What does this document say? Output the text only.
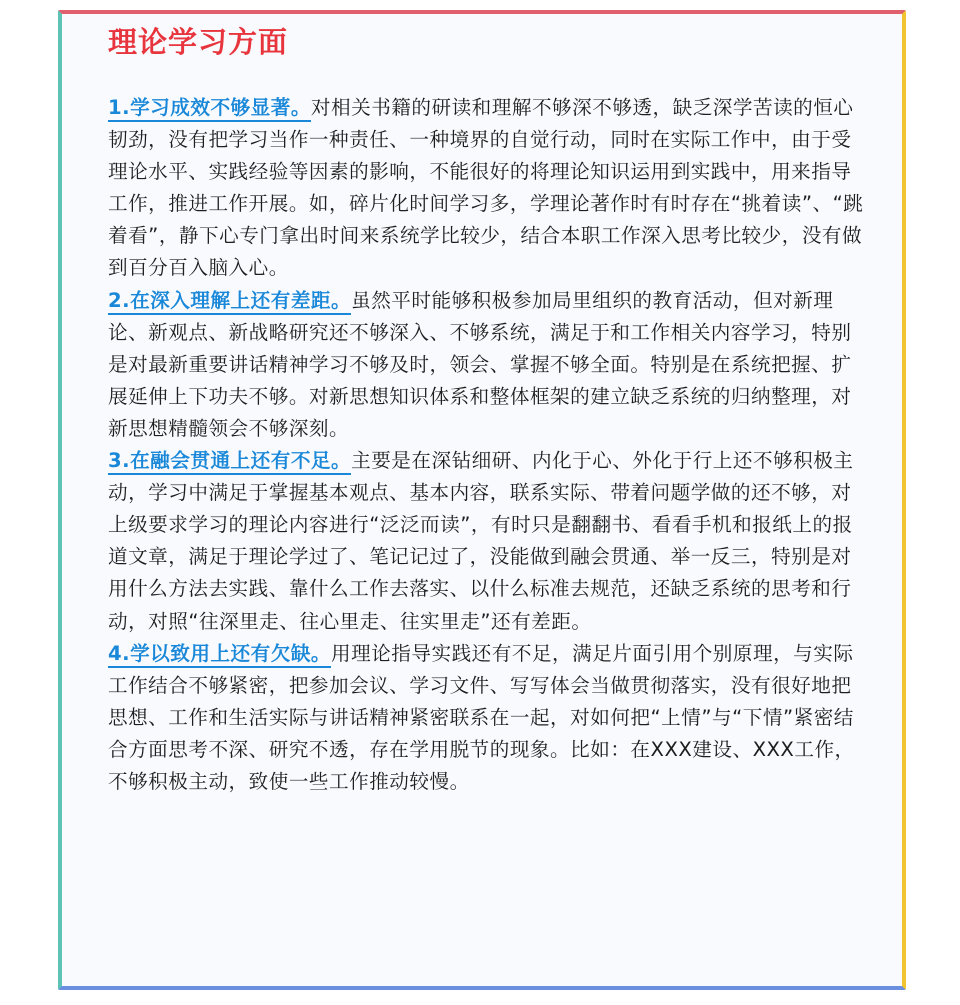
理论学习方面

1.学习成效不够显著。对相关书籍的研读和理解不够深不够透，缺乏深学苦读的恒心韧劲，没有把学习当作一种责任、一种境界的自觉行动，同时在实际工作中，由于受理论水平、实践经验等因素的影响，不能很好的将理论知识运用到实践中，用来指导工作，推进工作开展。如，碎片化时间学习多，学理论著作时有时存在“挑着读”、“跳着看”，静下心专门拿出时间来系统学比较少，结合本职工作深入思考比较少，没有做到百分百入脑入心。

2.在深入理解上还有差距。虽然平时能够积极参加局里组织的教育活动，但对新理论、新观点、新战略研究还不够深入、不够系统，满足于和工作相关内容学习，特别是对最新重要讲话精神学习不够及时，领会、掌握不够全面。特别是在系统把握、扩展延伸上下功夫不够。对新思想知识体系和整体框架的建立缺乏系统的归纳整理，对新思想精髓领会不够深刻。

3.在融会贯通上还有不足。主要是在深钻细研、内化于心、外化于行上还不够积极主动，学习中满足于掌握基本观点、基本内容，联系实际、带着问题学做的还不够，对上级要求学习的理论内容进行“泛泛而读”，有时只是翻翻书、看看手机和报纸上的报道文章，满足于理论学过了、笔记记过了，没能做到融会贯通、举一反三，特别是对用什么方法去实践、靠什么工作去落实、以什么标准去规范，还缺乏系统的思考和行动，对照“往深里走、往心里走、往实里走”还有差距。

4.学以致用上还有欠缺。用理论指导实践还有不足，满足片面引用个别原理，与实际工作结合不够紧密，把参加会议、学习文件、写写体会当做贯彻落实，没有很好地把思想、工作和生活实际与讲话精神紧密联系在一起，对如何把“上情”与“下情”紧密结合方面思考不深、研究不透，存在学用脱节的现象。比如：在XXX建设、XXX工作，不够积极主动，致使一些工作推动较慢。
